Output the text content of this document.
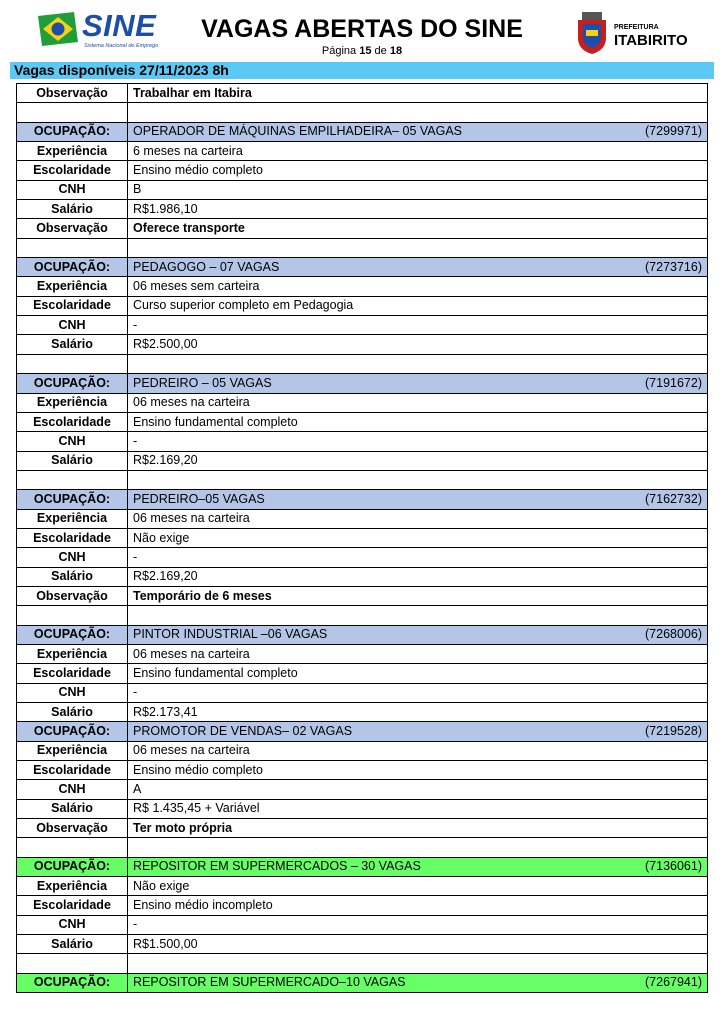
SINE
Sistema Nacional de Emprego
VAGAS ABERTAS DO SINE
Página 15 de 18
PREFEITURA
ITABIRITO
Vagas disponíveis 27/11/2023 8h
Observação	Trabalhar em Itabira

OCUPAÇÃO:	OPERADOR DE MÁQUINAS EMPILHADEIRA– 05 VAGAS (7299971)

Experiência	6 meses na carteira
Escolaridade	Ensino médio completo
CNH	B
Salário	R$1.986,10
Observação	Oferece transporte

OCUPAÇÃO:	PEDAGOGO – 07 VAGAS (7273716)

Experiência	06 meses sem carteira
Escolaridade	Curso superior completo em Pedagogia
CNH	-
Salário	R$2.500,00

OCUPAÇÃO:	PEDREIRO – 05 VAGAS (7191672)

Experiência	06 meses na carteira
Escolaridade	Ensino fundamental completo
CNH	-
Salário	R$2.169,20

OCUPAÇÃO:	PEDREIRO–05 VAGAS (7162732)

Experiência	06 meses na carteira
Escolaridade	Não exige
CNH	-
Salário	R$2.169,20
Observação	Temporário de 6 meses

OCUPAÇÃO:	PINTOR INDUSTRIAL –06 VAGAS (7268006)

Experiência	06 meses na carteira
Escolaridade	Ensino fundamental completo
CNH	-
Salário	R$2.173,41
OCUPAÇÃO:	PROMOTOR DE VENDAS– 02 VAGAS (7219528)

Experiência	06 meses na carteira
Escolaridade	Ensino médio completo
CNH	A
Salário	R$ 1.435,45 + Variável
Observação	Ter moto própria

OCUPAÇÃO:	REPOSITOR EM SUPERMERCADOS – 30 VAGAS (7136061)

Experiência	Não exige
Escolaridade	Ensino médio incompleto
CNH	-
Salário	R$1.500,00

OCUPAÇÃO:	REPOSITOR EM SUPERMERCADO–10 VAGAS (7267941)
